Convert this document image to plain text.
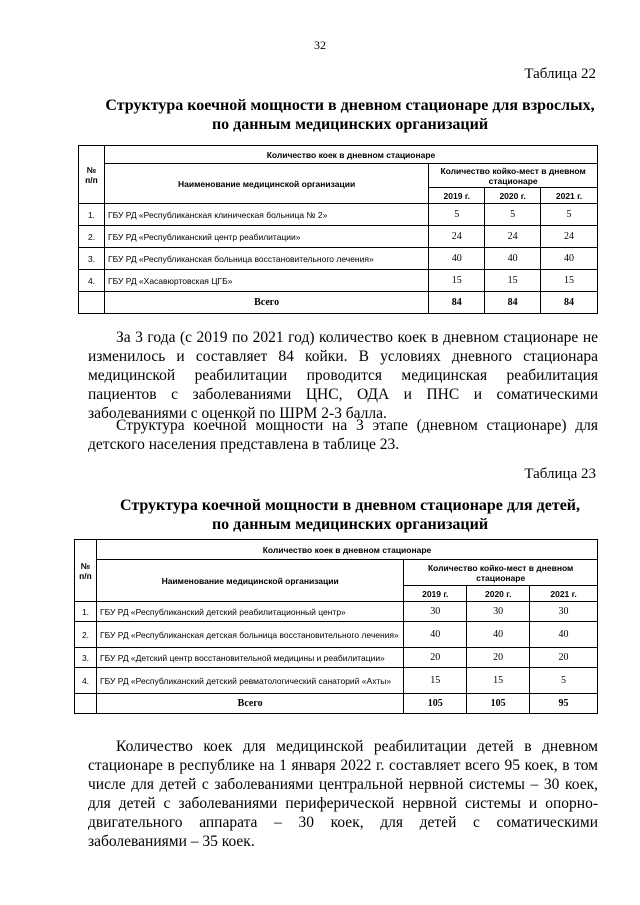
32
Таблица 22
Структура коечной мощности в дневном стационаре для взрослых,
по данным медицинских организаций
№ п/п	Количество коек в дневном стационаре			
	Наименование медицинской организации	Количество койко-мест в дневном стационаре		
		2019 г.	2020 г.	2021 г.
1.	ГБУ РД «Республиканская клиническая больница № 2»	5	5	5
2.	ГБУ РД «Республиканский центр реабилитации»	24	24	24
3.	ГБУ РД «Республиканская больница восстановительного лечения»	40	40	40
4.	ГБУ РД «Хасавюртовская ЦГБ»	15	15	15
	Всего	84	84	84
За 3 года (с 2019 по 2021 год) количество коек в дневном стационаре не изменилось и составляет 84 койки. В условиях дневного стационара медицинской реабилитации проводится медицинская реабилитация пациентов с заболеваниями ЦНС, ОДА и ПНС и соматическими заболеваниями с оценкой по ШРМ 2-3 балла.
Структура коечной мощности на 3 этапе (дневном стационаре) для детского населения представлена в таблице 23.
Таблица 23
Структура коечной мощности в дневном стационаре для детей,
по данным медицинских организаций
№ п/п	Количество коек в дневном стационаре			
	Наименование медицинской организации	Количество койко-мест в дневном стационаре		
		2019 г.	2020 г.	2021 г.
1.	ГБУ РД «Республиканский детский реабилитационный центр»	30	30	30
2.	ГБУ РД «Республиканская детская больница восстановительного лечения»	40	40	40
3.	ГБУ РД «Детский центр восстановительной медицины и реабилитации»	20	20	20
4.	ГБУ РД «Республиканский детский ревматологический санаторий «Ахты»	15	15	5
	Всего	105	105	95
Количество коек для медицинской реабилитации детей в дневном стационаре в республике на 1 января 2022 г. составляет всего 95 коек, в том числе для детей с заболеваниями центральной нервной системы – 30 коек, для детей с заболеваниями периферической нервной системы и опорно-двигательного аппарата – 30 коек, для детей с соматическими заболеваниями – 35 коек.
